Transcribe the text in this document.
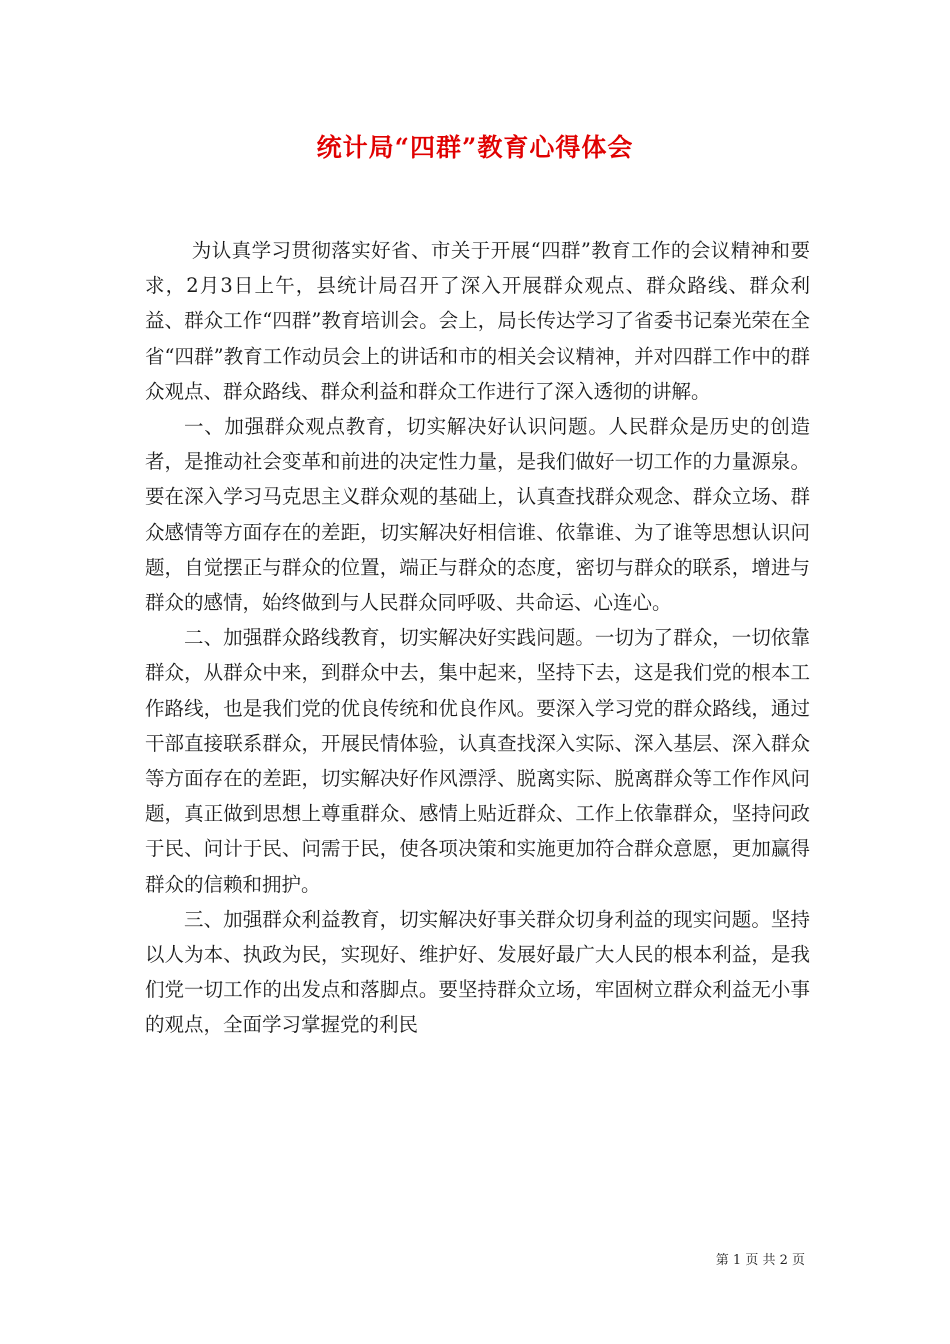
统计局“四群”教育心得体会

为认真学习贯彻落实好省、市关于开展“四群”教育工作的会议精神和要求，2月3日上午，县统计局召开了深入开展群众观点、群众路线、群众利益、群众工作“四群”教育培训会。会上，局长传达学习了省委书记秦光荣在全省“四群”教育工作动员会上的讲话和市的相关会议精神，并对四群工作中的群众观点、群众路线、群众利益和群众工作进行了深入透彻的讲解。

一、加强群众观点教育，切实解决好认识问题。人民群众是历史的创造者，是推动社会变革和前进的决定性力量，是我们做好一切工作的力量源泉。要在深入学习马克思主义群众观的基础上，认真查找群众观念、群众立场、群众感情等方面存在的差距，切实解决好相信谁、依靠谁、为了谁等思想认识问题，自觉摆正与群众的位置，端正与群众的态度，密切与群众的联系，增进与群众的感情，始终做到与人民群众同呼吸、共命运、心连心。

二、加强群众路线教育，切实解决好实践问题。一切为了群众，一切依靠群众，从群众中来，到群众中去，集中起来，坚持下去，这是我们党的根本工作路线，也是我们党的优良传统和优良作风。要深入学习党的群众路线，通过干部直接联系群众，开展民情体验，认真查找深入实际、深入基层、深入群众等方面存在的差距，切实解决好作风漂浮、脱离实际、脱离群众等工作作风问题，真正做到思想上尊重群众、感情上贴近群众、工作上依靠群众，坚持问政于民、问计于民、问需于民，使各项决策和实施更加符合群众意愿，更加赢得群众的信赖和拥护。

三、加强群众利益教育，切实解决好事关群众切身利益的现实问题。坚持以人为本、执政为民，实现好、维护好、发展好最广大人民的根本利益，是我们党一切工作的出发点和落脚点。要坚持群众立场，牢固树立群众利益无小事的观点，全面学习掌握党的利民

第 1 页 共 2 页
